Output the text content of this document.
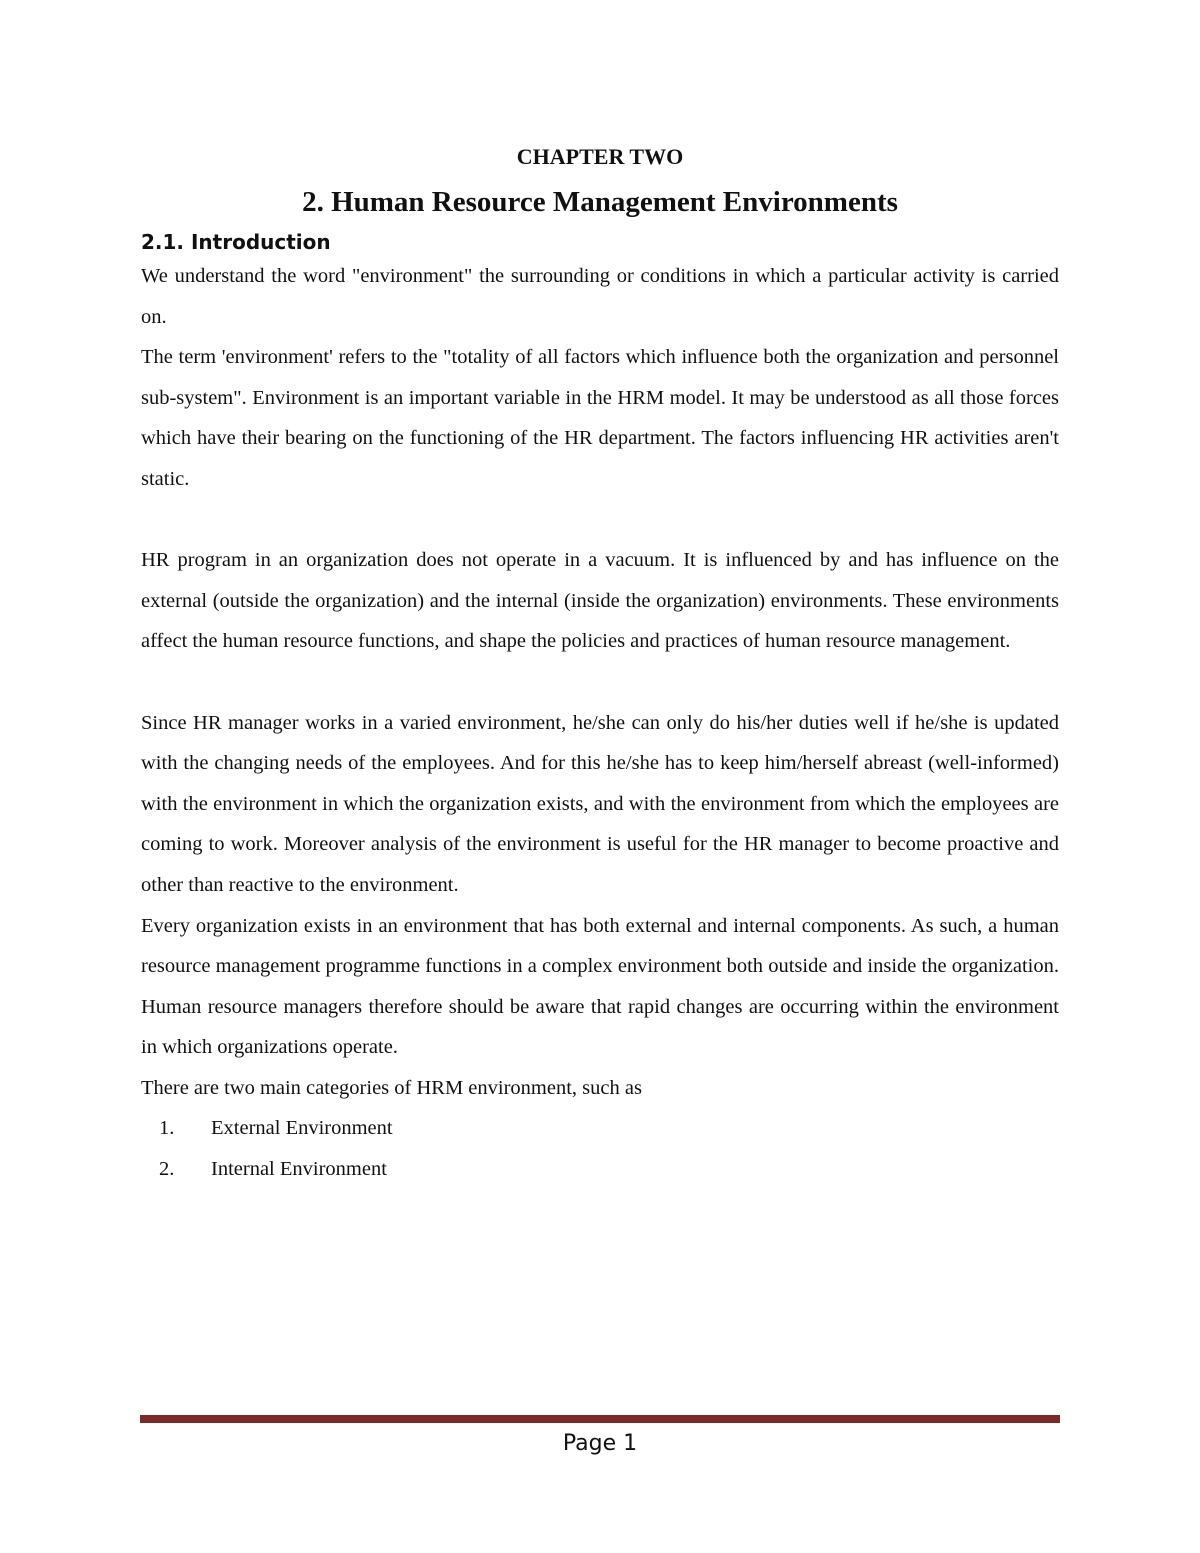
CHAPTER TWO
2. Human Resource Management Environments
2.1. Introduction

We understand the word "environment" the surrounding or conditions in which a particular activity is carried on.

The term 'environment' refers to the "totality of all factors which influence both the organization and personnel sub-system". Environment is an important variable in the HRM model. It may be understood as all those forces which have their bearing on the functioning of the HR department. The factors influencing HR activities aren't static.

HR program in an organization does not operate in a vacuum. It is influenced by and has influence on the external (outside the organization) and the internal (inside the organization) environments. These environments affect the human resource functions, and shape the policies and practices of human resource management.

Since HR manager works in a varied environment, he/she can only do his/her duties well if he/she is updated with the changing needs of the employees. And for this he/she has to keep him/herself abreast (well-informed) with the environment in which the organization exists, and with the environment from which the employees are coming to work. Moreover analysis of the environment is useful for the HR manager to become proactive and other than reactive to the environment.

Every organization exists in an environment that has both external and internal components. As such, a human resource management programme functions in a complex environment both outside and inside the organization. Human resource managers therefore should be aware that rapid changes are occurring within the environment in which organizations operate.

There are two main categories of HRM environment, such as

1.	External Environment
2.	Internal Environment
Page 1
